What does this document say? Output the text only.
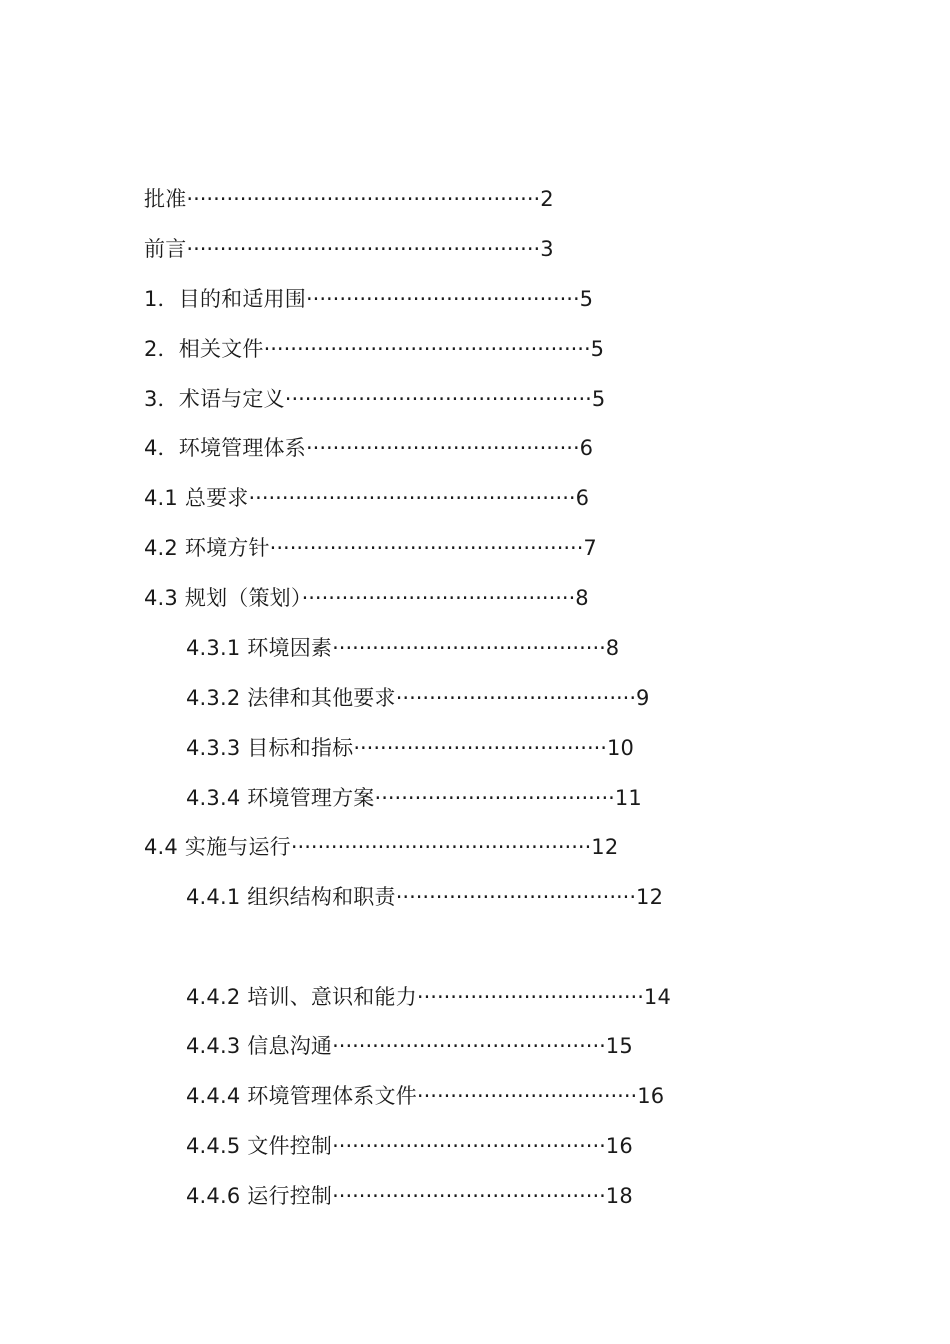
批准·····················································2
前言·····················································3
1．目的和适用围·········································5
2．相关文件·················································5
3．术语与定义··············································5
4．环境管理体系·········································6
4.1 总要求·················································6
4.2 环境方针···············································7
4.3 规划（策划）·········································8
4.3.1 环境因素·········································8
4.3.2 法律和其他要求····································9
4.3.3 目标和指标······································10
4.3.4 环境管理方案····································11
4.4 实施与运行·············································12
4.4.1 组织结构和职责····································12
4.4.2 培训、意识和能力··································14
4.4.3 信息沟通·········································15
4.4.4 环境管理体系文件·································16
4.4.5 文件控制·········································16
4.4.6 运行控制·········································18
